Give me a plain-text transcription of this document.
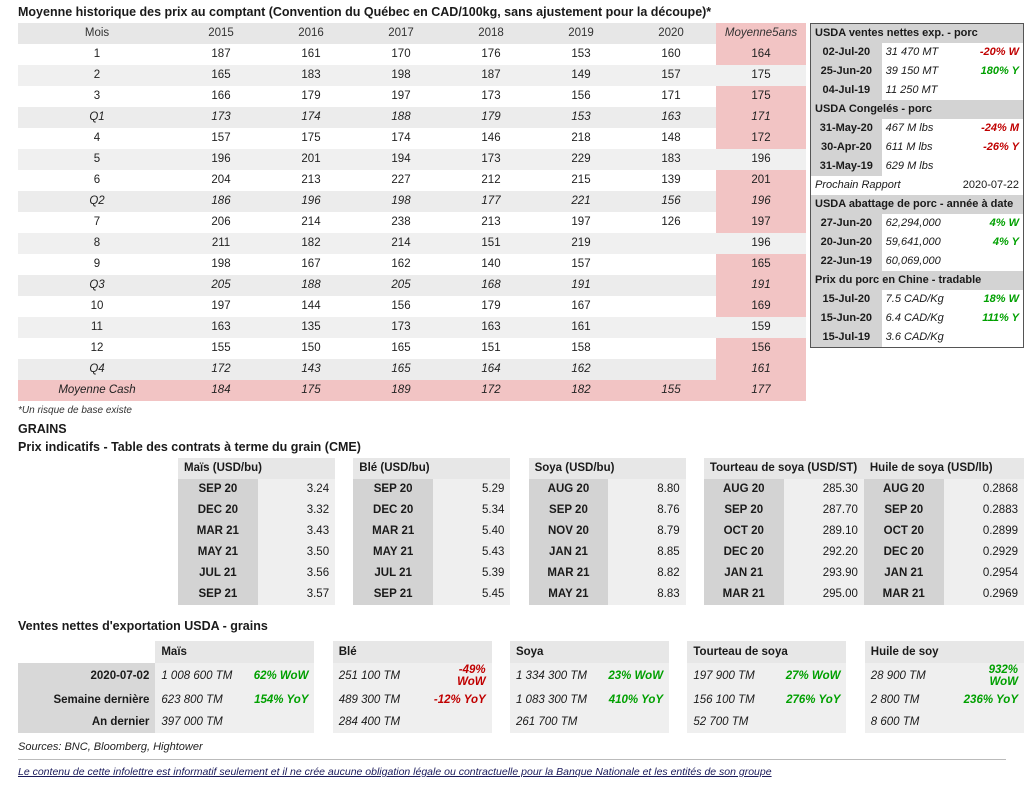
Moyenne historique des prix au comptant (Convention du Québec en CAD/100kg, sans ajustement pour la découpe)*
Mois	2015	2016	2017	2018	2019	2020	Moyenne5ans
1	187	161	170	176	153	160	164
2	165	183	198	187	149	157	175
3	166	179	197	173	156	171	175
Q1	173	174	188	179	153	163	171
4	157	175	174	146	218	148	172
5	196	201	194	173	229	183	196
6	204	213	227	212	215	139	201
Q2	186	196	198	177	221	156	196
7	206	214	238	213	197	126	197
8	211	182	214	151	219		196
9	198	167	162	140	157		165
Q3	205	188	205	168	191		191
10	197	144	156	179	167		169
11	163	135	173	163	161		159
12	155	150	165	151	158		156
Q4	172	143	165	164	162		161
Moyenne Cash	184	175	189	172	182	155	177
USDA ventes nettes exp. - porc		
02-Jul-20	31 470 MT	-20% W
25-Jun-20	39 150 MT	180% Y
04-Jul-19	11 250 MT	
USDA Congelés - porc		
31-May-20	467 M lbs	-24% M
30-Apr-20	611 M lbs	-26% Y
31-May-19	629 M lbs	
Prochain Rapport		2020-07-22
USDA abattage de porc - année à date		
27-Jun-20	62,294,000	4% W
20-Jun-20	59,641,000	4% Y
22-Jun-19	60,069,000	
Prix du porc en Chine - tradable		
15-Jul-20	7.5 CAD/Kg	18% W
15-Jun-20	6.4 CAD/Kg	111% Y
15-Jul-19	3.6 CAD/Kg	
*Un risque de base existe
GRAINS
Prix indicatifs - Table des contrats à terme du grain (CME)
Maïs (USD/bu)			Blé (USD/bu)			Soya (USD/bu)			Tourteau de soya (USD/ST)		Huile de soya (USD/lb)	
SEP 20	3.24		SEP 20	5.29		AUG 20	8.80		AUG 20	285.30	AUG 20	0.2868
DEC 20	3.32		DEC 20	5.34		SEP 20	8.76		SEP 20	287.70	SEP 20	0.2883
MAR 21	3.43		MAR 21	5.40		NOV 20	8.79		OCT 20	289.10	OCT 20	0.2899
MAY 21	3.50		MAY 21	5.43		JAN 21	8.85		DEC 20	292.20	DEC 20	0.2929
JUL 21	3.56		JUL 21	5.39		MAR 21	8.82		JAN 21	293.90	JAN 21	0.2954
SEP 21	3.57		SEP 21	5.45		MAY 21	8.83		MAR 21	295.00	MAR 21	0.2969
Ventes nettes d'exportation USDA - grains
	Maïs			Blé			Soya			Tourteau de soya			Huile de soy	
2020-07-02	1 008 600 TM	62% WoW		251 100 TM	-49% WoW		1 334 300 TM	23% WoW		197 900 TM	27% WoW		28 900 TM	932% WoW
Semaine dernière	623 800 TM	154% YoY		489 300 TM	-12% YoY		1 083 300 TM	410% YoY		156 100 TM	276% YoY		2 800 TM	236% YoY
An dernier	397 000 TM			284 400 TM			261 700 TM			52 700 TM			8 600 TM	
Sources: BNC, Bloomberg, Hightower
Le contenu de cette infolettre est informatif seulement et il ne crée aucune obligation légale ou contractuelle pour la Banque Nationale et les entités de son groupe
